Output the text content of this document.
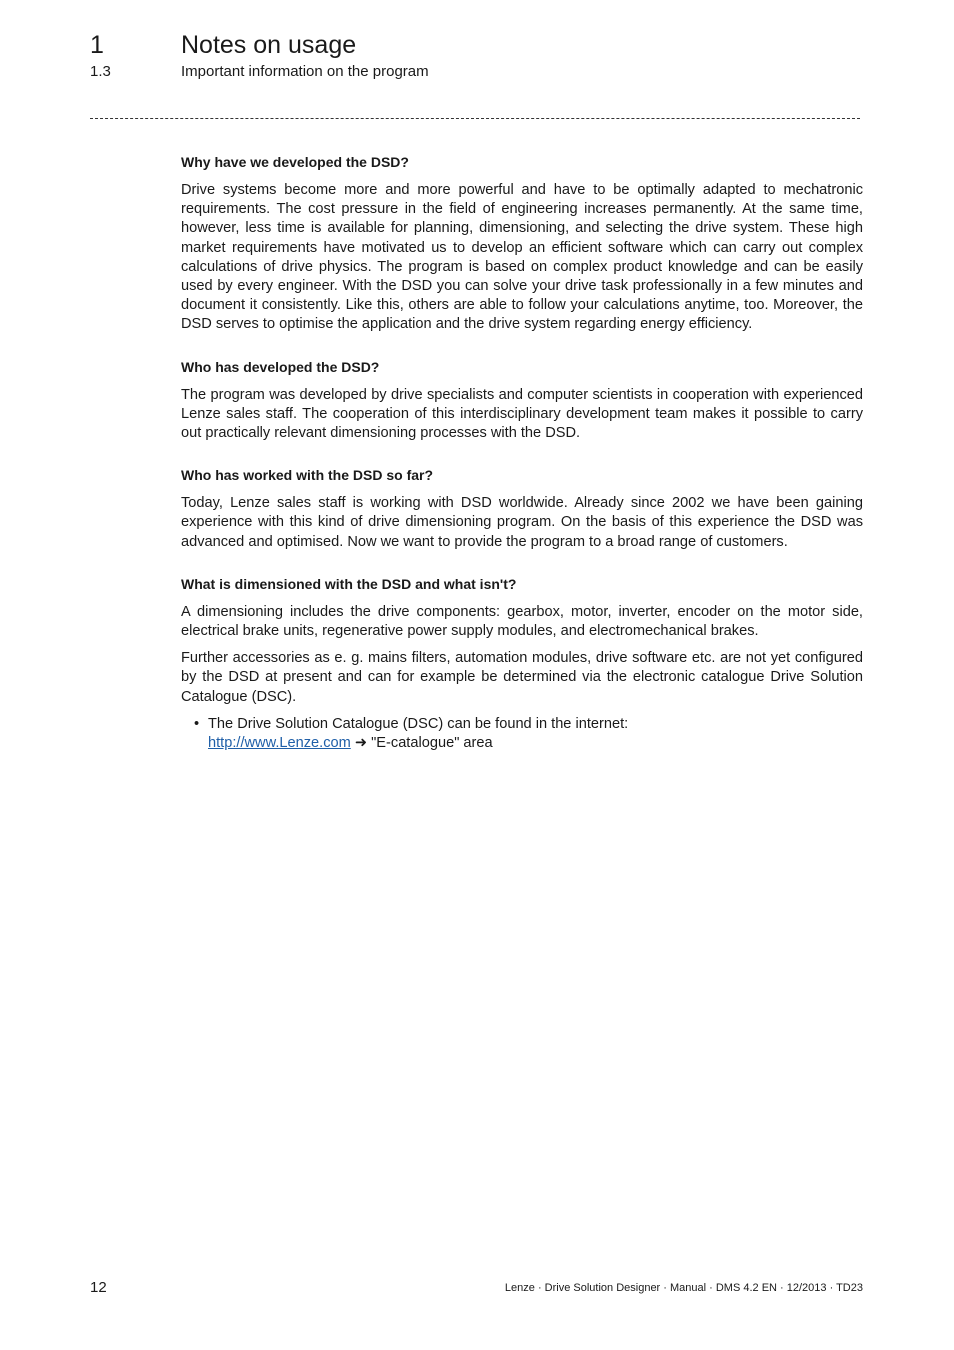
1	Notes on usage
1.3	Important information on the program
Why have we developed the DSD?

Drive systems become more and more powerful and have to be optimally adapted to mechatronic requirements. The cost pressure in the field of engineering increases permanently. At the same time, however, less time is available for planning, dimensioning, and selecting the drive system. These high market requirements have motivated us to develop an efficient software which can carry out complex calculations of drive physics. The program is based on complex product knowledge and can be easily used by every engineer. With the DSD you can solve your drive task professionally in a few minutes and document it consistently. Like this, others are able to follow your calculations anytime, too. Moreover, the DSD serves to optimise the application and the drive system regarding energy efficiency.

Who has developed the DSD?

The program was developed by drive specialists and computer scientists in cooperation with experienced Lenze sales staff. The cooperation of this interdisciplinary development team makes it possible to carry out practically relevant dimensioning processes with the DSD.

Who has worked with the DSD so far?

Today, Lenze sales staff is working with DSD worldwide. Already since 2002 we have been gaining experience with this kind of drive dimensioning program. On the basis of this experience the DSD was advanced and optimised. Now we want to provide the program to a broad range of customers.

What is dimensioned with the DSD and what isn't?

A dimensioning includes the drive components: gearbox, motor, inverter, encoder on the motor side, electrical brake units, regenerative power supply modules, and electromechanical brakes.

Further accessories as e. g. mains filters, automation modules, drive software etc. are not yet configured by the DSD at present and can for example be determined via the electronic catalogue Drive Solution Catalogue (DSC).

• The Drive Solution Catalogue (DSC) can be found in the internet:
http://www.Lenze.com ➜ "E-catalogue" area
12	Lenze · Drive Solution Designer · Manual · DMS 4.2 EN · 12/2013 · TD23
